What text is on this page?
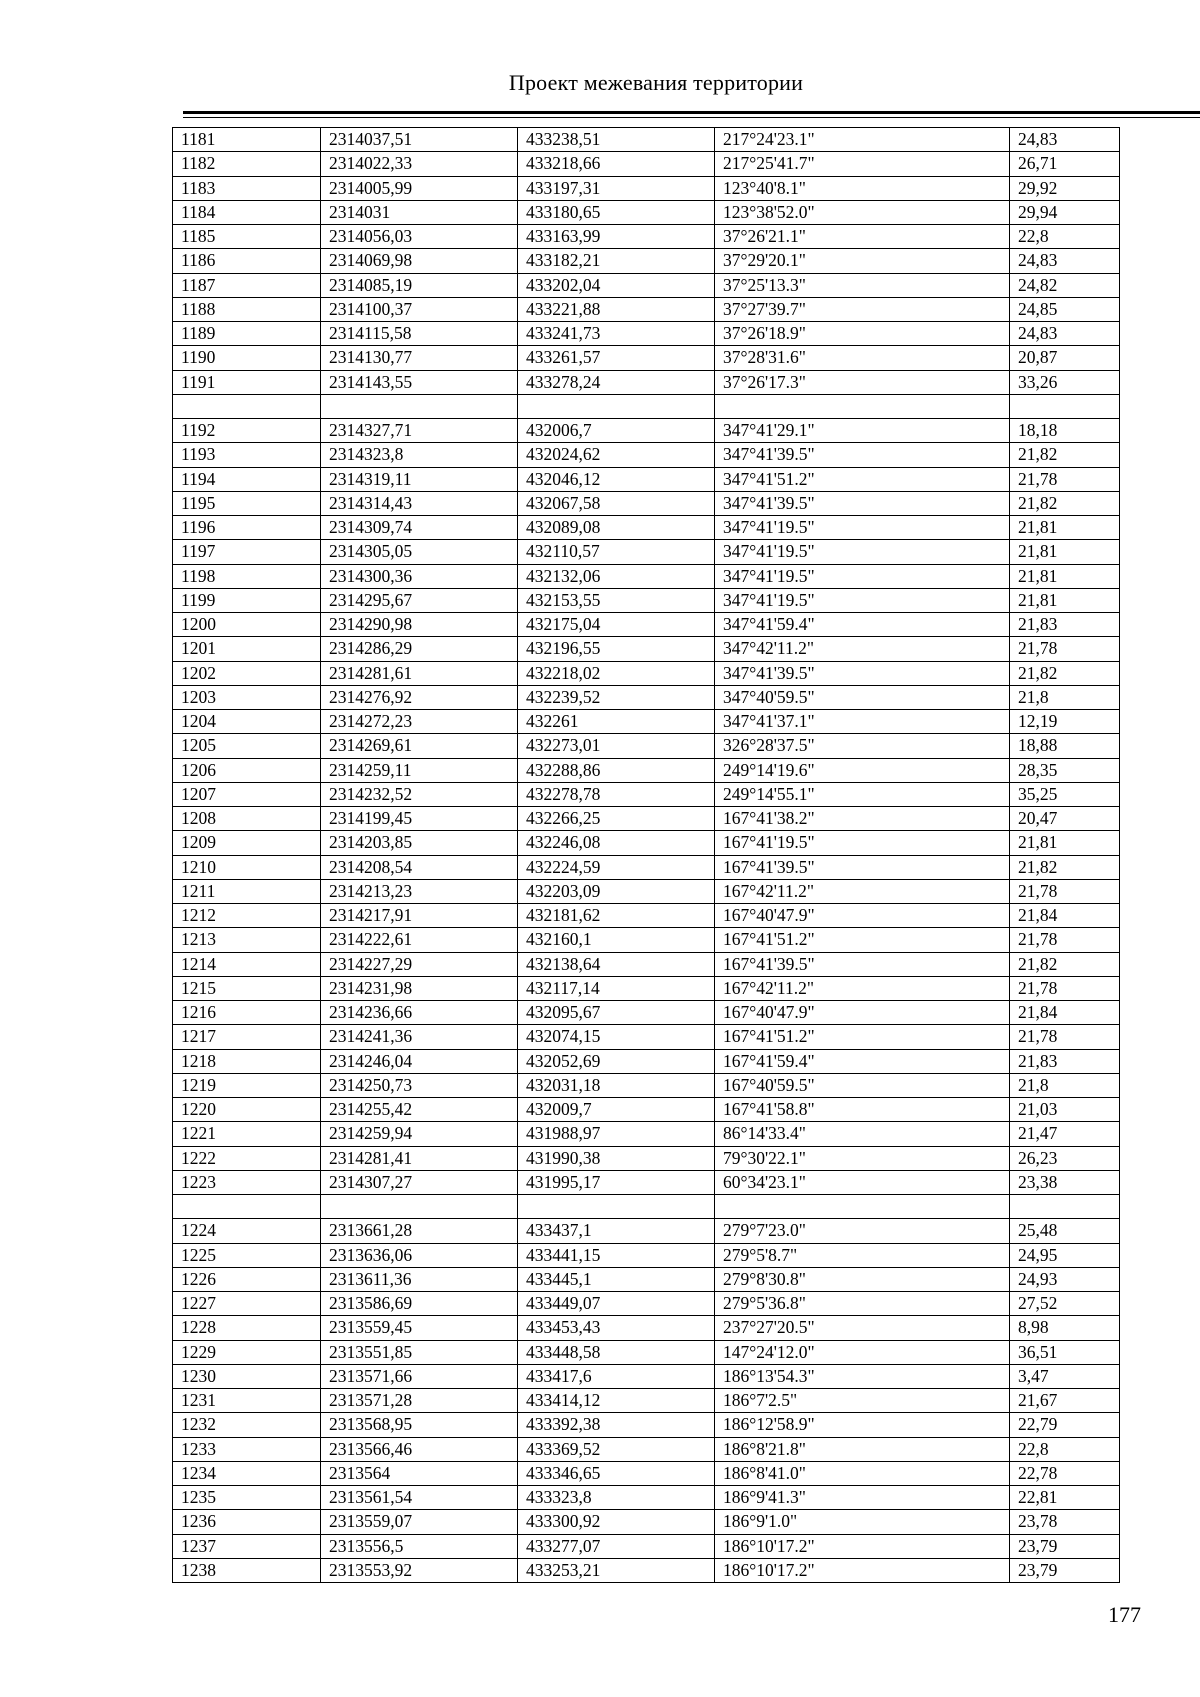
Проект межевания территории
1181	2314037,51	433238,51	217°24'23.1"	24,83
1182	2314022,33	433218,66	217°25'41.7"	26,71
1183	2314005,99	433197,31	123°40'8.1"	29,92
1184	2314031	433180,65	123°38'52.0"	29,94
1185	2314056,03	433163,99	37°26'21.1"	22,8
1186	2314069,98	433182,21	37°29'20.1"	24,83
1187	2314085,19	433202,04	37°25'13.3"	24,82
1188	2314100,37	433221,88	37°27'39.7"	24,85
1189	2314115,58	433241,73	37°26'18.9"	24,83
1190	2314130,77	433261,57	37°28'31.6"	20,87
1191	2314143,55	433278,24	37°26'17.3"	33,26

1192	2314327,71	432006,7	347°41'29.1"	18,18
1193	2314323,8	432024,62	347°41'39.5"	21,82
1194	2314319,11	432046,12	347°41'51.2"	21,78
1195	2314314,43	432067,58	347°41'39.5"	21,82
1196	2314309,74	432089,08	347°41'19.5"	21,81
1197	2314305,05	432110,57	347°41'19.5"	21,81
1198	2314300,36	432132,06	347°41'19.5"	21,81
1199	2314295,67	432153,55	347°41'19.5"	21,81
1200	2314290,98	432175,04	347°41'59.4"	21,83
1201	2314286,29	432196,55	347°42'11.2"	21,78
1202	2314281,61	432218,02	347°41'39.5"	21,82
1203	2314276,92	432239,52	347°40'59.5"	21,8
1204	2314272,23	432261	347°41'37.1"	12,19
1205	2314269,61	432273,01	326°28'37.5"	18,88
1206	2314259,11	432288,86	249°14'19.6"	28,35
1207	2314232,52	432278,78	249°14'55.1"	35,25
1208	2314199,45	432266,25	167°41'38.2"	20,47
1209	2314203,85	432246,08	167°41'19.5"	21,81
1210	2314208,54	432224,59	167°41'39.5"	21,82
1211	2314213,23	432203,09	167°42'11.2"	21,78
1212	2314217,91	432181,62	167°40'47.9"	21,84
1213	2314222,61	432160,1	167°41'51.2"	21,78
1214	2314227,29	432138,64	167°41'39.5"	21,82
1215	2314231,98	432117,14	167°42'11.2"	21,78
1216	2314236,66	432095,67	167°40'47.9"	21,84
1217	2314241,36	432074,15	167°41'51.2"	21,78
1218	2314246,04	432052,69	167°41'59.4"	21,83
1219	2314250,73	432031,18	167°40'59.5"	21,8
1220	2314255,42	432009,7	167°41'58.8"	21,03
1221	2314259,94	431988,97	86°14'33.4"	21,47
1222	2314281,41	431990,38	79°30'22.1"	26,23
1223	2314307,27	431995,17	60°34'23.1"	23,38

1224	2313661,28	433437,1	279°7'23.0"	25,48
1225	2313636,06	433441,15	279°5'8.7"	24,95
1226	2313611,36	433445,1	279°8'30.8"	24,93
1227	2313586,69	433449,07	279°5'36.8"	27,52
1228	2313559,45	433453,43	237°27'20.5"	8,98
1229	2313551,85	433448,58	147°24'12.0"	36,51
1230	2313571,66	433417,6	186°13'54.3"	3,47
1231	2313571,28	433414,12	186°7'2.5"	21,67
1232	2313568,95	433392,38	186°12'58.9"	22,79
1233	2313566,46	433369,52	186°8'21.8"	22,8
1234	2313564	433346,65	186°8'41.0"	22,78
1235	2313561,54	433323,8	186°9'41.3"	22,81
1236	2313559,07	433300,92	186°9'1.0"	23,78
1237	2313556,5	433277,07	186°10'17.2"	23,79
1238	2313553,92	433253,21	186°10'17.2"	23,79
177
